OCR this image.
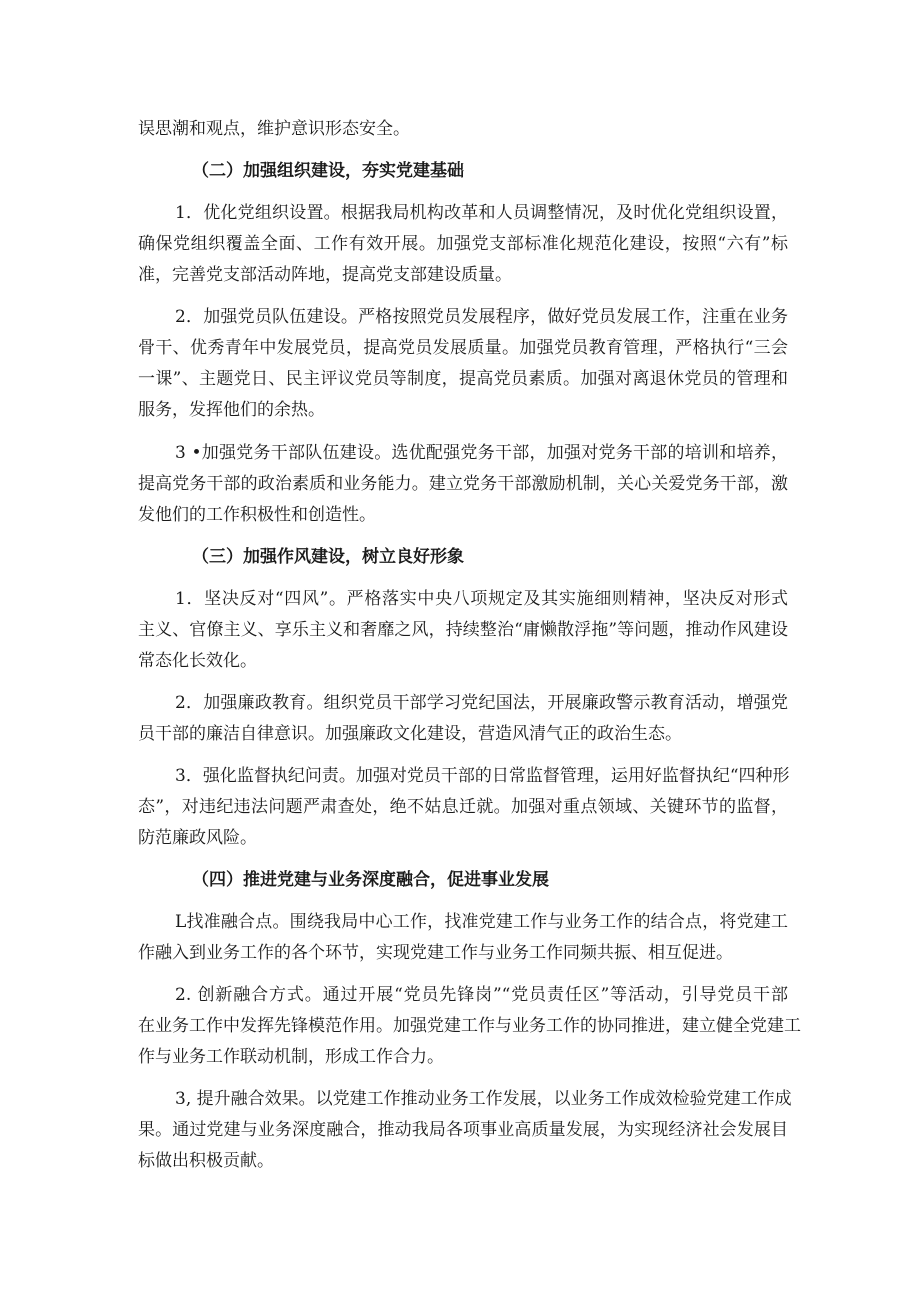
误思潮和观点，维护意识形态安全。
（二）加强组织建设，夯实党建基础
1．优化党组织设置。根据我局机构改革和人员调整情况，及时优化党组织设置，
确保党组织覆盖全面、工作有效开展。加强党支部标准化规范化建设，按照“六有”标
准，完善党支部活动阵地，提高党支部建设质量。
2．加强党员队伍建设。严格按照党员发展程序，做好党员发展工作，注重在业务
骨干、优秀青年中发展党员，提高党员发展质量。加强党员教育管理，严格执行“三会
一课”、主题党日、民主评议党员等制度，提高党员素质。加强对离退休党员的管理和
服务，发挥他们的余热。
3 •加强党务干部队伍建设。选优配强党务干部，加强对党务干部的培训和培养，
提高党务干部的政治素质和业务能力。建立党务干部激励机制，关心关爱党务干部，激
发他们的工作积极性和创造性。
（三）加强作风建设，树立良好形象
1．坚决反对“四风”。严格落实中央八项规定及其实施细则精神，坚决反对形式
主义、官僚主义、享乐主义和奢靡之风，持续整治“庸懒散浮拖”等问题，推动作风建设
常态化长效化。
2．加强廉政教育。组织党员干部学习党纪国法，开展廉政警示教育活动，增强党
员干部的廉洁自律意识。加强廉政文化建设，营造风清气正的政治生态。
3．强化监督执纪问责。加强对党员干部的日常监督管理，运用好监督执纪“四种形
态”，对违纪违法问题严肃查处，绝不姑息迁就。加强对重点领域、关键环节的监督，
防范廉政风险。
（四）推进党建与业务深度融合，促进事业发展
L找准融合点。围绕我局中心工作，找准党建工作与业务工作的结合点，将党建工
作融入到业务工作的各个环节，实现党建工作与业务工作同频共振、相互促进。
2. 创新融合方式。通过开展“党员先锋岗”“党员责任区”等活动，引导党员干部
在业务工作中发挥先锋模范作用。加强党建工作与业务工作的协同推进，建立健全党建工
作与业务工作联动机制，形成工作合力。
3, 提升融合效果。以党建工作推动业务工作发展，以业务工作成效检验党建工作成
果。通过党建与业务深度融合，推动我局各项事业高质量发展，为实现经济社会发展目
标做出积极贡献。
